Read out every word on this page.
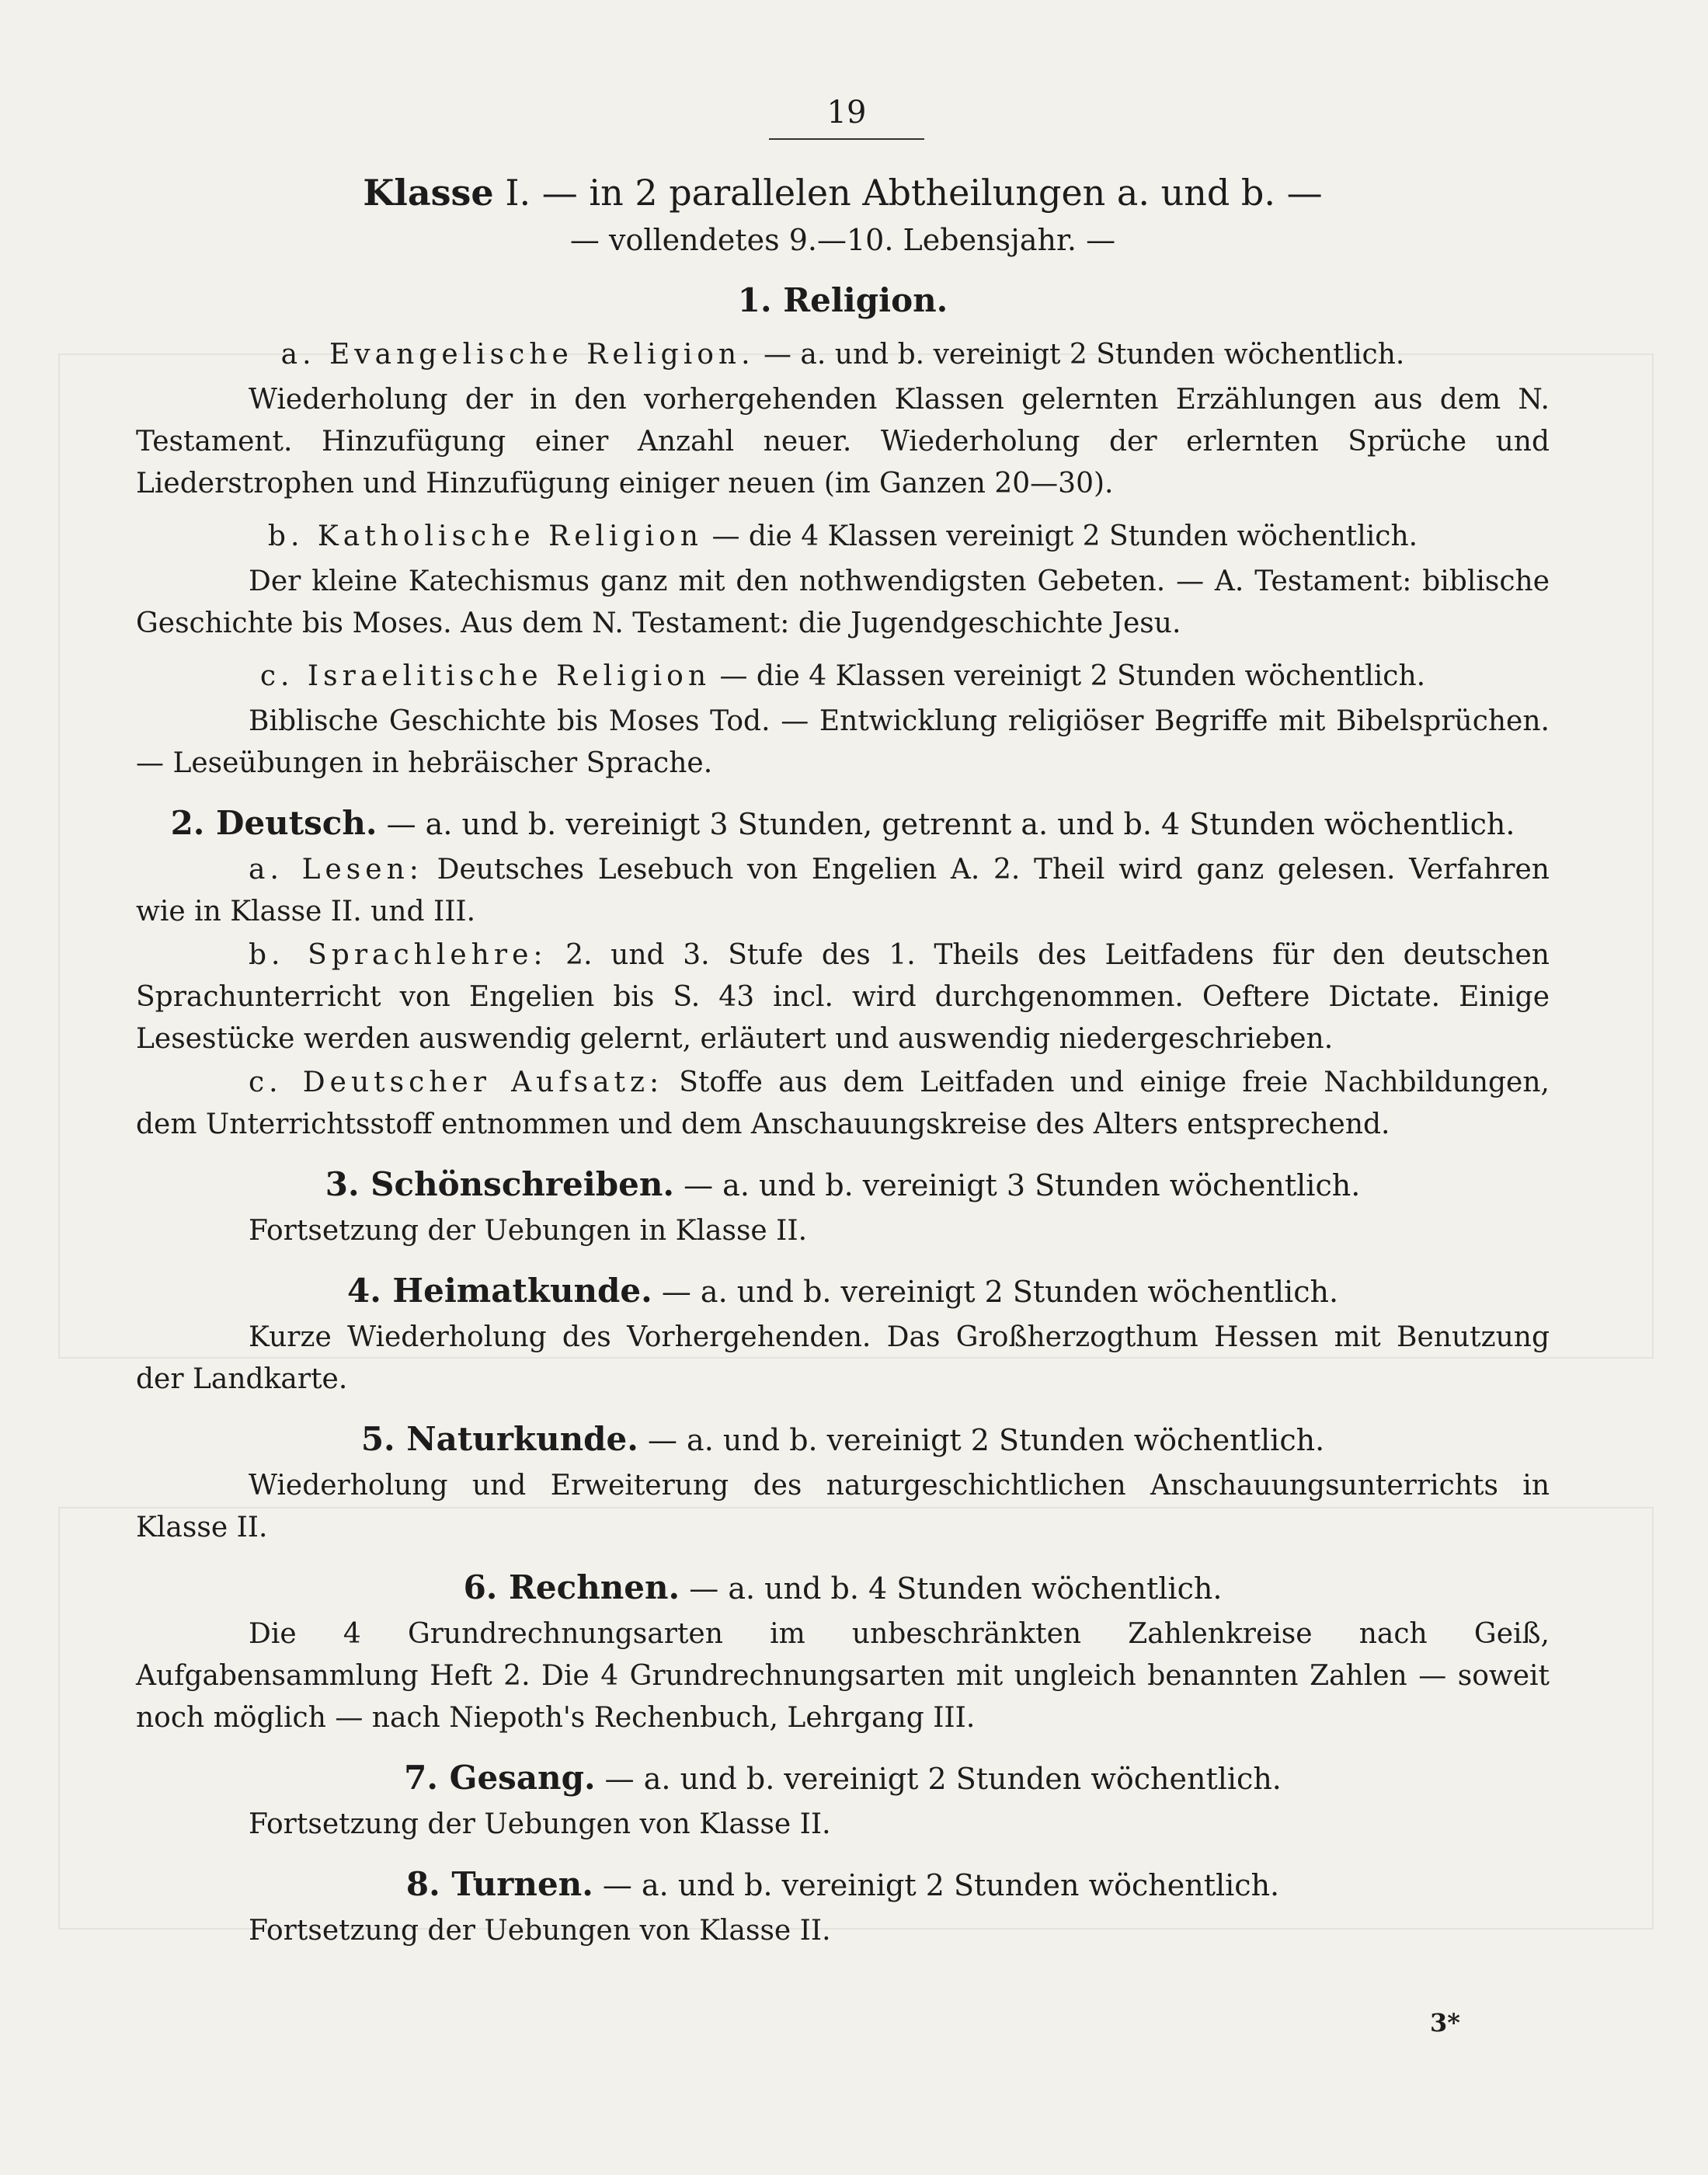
19
Klasse I. — in 2 parallelen Abtheilungen a. und b. —
— vollendetes 9.—10. Lebensjahr. —
1. Religion.
a. Evangelische Religion. — a. und b. vereinigt 2 Stunden wöchentlich.
Wiederholung der in den vorhergehenden Klassen gelernten Erzählungen aus dem N. Testament. Hinzufügung einer Anzahl neuer. Wiederholung der erlernten Sprüche und Liederstrophen und Hinzufügung einiger neuen (im Ganzen 20—30).
b. Katholische Religion — die 4 Klassen vereinigt 2 Stunden wöchentlich.
Der kleine Katechismus ganz mit den nothwendigsten Gebeten. — A. Testament: biblische Geschichte bis Moses. Aus dem N. Testament: die Jugendgeschichte Jesu.
c. Israelitische Religion — die 4 Klassen vereinigt 2 Stunden wöchentlich.
Biblische Geschichte bis Moses Tod. — Entwicklung religiöser Begriffe mit Bibelsprüchen. — Leseübungen in hebräischer Sprache.
2. Deutsch. — a. und b. vereinigt 3 Stunden, getrennt a. und b. 4 Stunden wöchentlich.
a. Lesen: Deutsches Lesebuch von Engelien A. 2. Theil wird ganz gelesen. Verfahren wie in Klasse II. und III.
b. Sprachlehre: 2. und 3. Stufe des 1. Theils des Leitfadens für den deutschen Sprachunterricht von Engelien bis S. 43 incl. wird durchgenommen. Oeftere Dictate. Einige Lesestücke werden auswendig gelernt, erläutert und auswendig niedergeschrieben.
c. Deutscher Aufsatz: Stoffe aus dem Leitfaden und einige freie Nachbildungen, dem Unterrichtsstoff entnommen und dem Anschauungskreise des Alters entsprechend.
3. Schönschreiben. — a. und b. vereinigt 3 Stunden wöchentlich.
Fortsetzung der Uebungen in Klasse II.
4. Heimatkunde. — a. und b. vereinigt 2 Stunden wöchentlich.
Kurze Wiederholung des Vorhergehenden. Das Großherzogthum Hessen mit Benutzung der Landkarte.
5. Naturkunde. — a. und b. vereinigt 2 Stunden wöchentlich.
Wiederholung und Erweiterung des naturgeschichtlichen Anschauungsunterrichts in Klasse II.
6. Rechnen. — a. und b. 4 Stunden wöchentlich.
Die 4 Grundrechnungsarten im unbeschränkten Zahlenkreise nach Geiß, Aufgabensammlung Heft 2. Die 4 Grundrechnungsarten mit ungleich benannten Zahlen — soweit noch möglich — nach Niepoth's Rechenbuch, Lehrgang III.
7. Gesang. — a. und b. vereinigt 2 Stunden wöchentlich.
Fortsetzung der Uebungen von Klasse II.
8. Turnen. — a. und b. vereinigt 2 Stunden wöchentlich.
Fortsetzung der Uebungen von Klasse II.
3*
